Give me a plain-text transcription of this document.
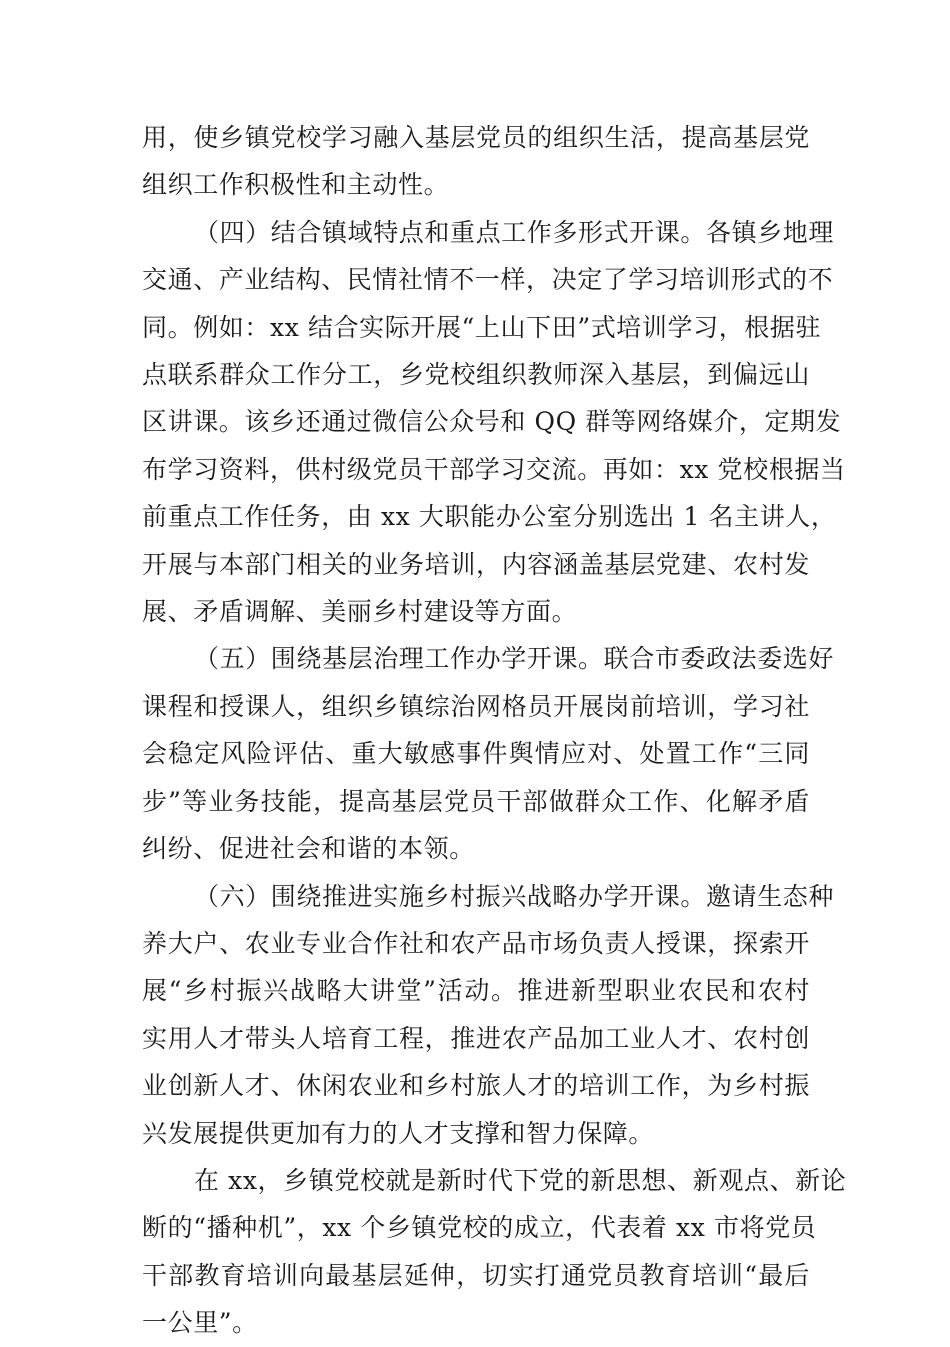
用，使乡镇党校学习融入基层党员的组织生活，提高基层党
组织工作积极性和主动性。
（四）结合镇域特点和重点工作多形式开课。各镇乡地理
交通、产业结构、民情社情不一样，决定了学习培训形式的不
同。例如：xx 结合实际开展“上山下田”式培训学习，根据驻
点联系群众工作分工，乡党校组织教师深入基层，到偏远山
区讲课。该乡还通过微信公众号和 QQ 群等网络媒介，定期发
布学习资料，供村级党员干部学习交流。再如：xx 党校根据当
前重点工作任务，由 xx 大职能办公室分别选出 1 名主讲人，
开展与本部门相关的业务培训，内容涵盖基层党建、农村发
展、矛盾调解、美丽乡村建设等方面。
（五）围绕基层治理工作办学开课。联合市委政法委选好
课程和授课人，组织乡镇综治网格员开展岗前培训，学习社
会稳定风险评估、重大敏感事件舆情应对、处置工作“三同
步”等业务技能，提高基层党员干部做群众工作、化解矛盾
纠纷、促进社会和谐的本领。
（六）围绕推进实施乡村振兴战略办学开课。邀请生态种
养大户、农业专业合作社和农产品市场负责人授课，探索开
展“乡村振兴战略大讲堂”活动。推进新型职业农民和农村
实用人才带头人培育工程，推进农产品加工业人才、农村创
业创新人才、休闲农业和乡村旅人才的培训工作，为乡村振
兴发展提供更加有力的人才支撑和智力保障。
在 xx，乡镇党校就是新时代下党的新思想、新观点、新论
断的“播种机”，xx 个乡镇党校的成立，代表着 xx 市将党员
干部教育培训向最基层延伸，切实打通党员教育培训“最后
一公里”。
